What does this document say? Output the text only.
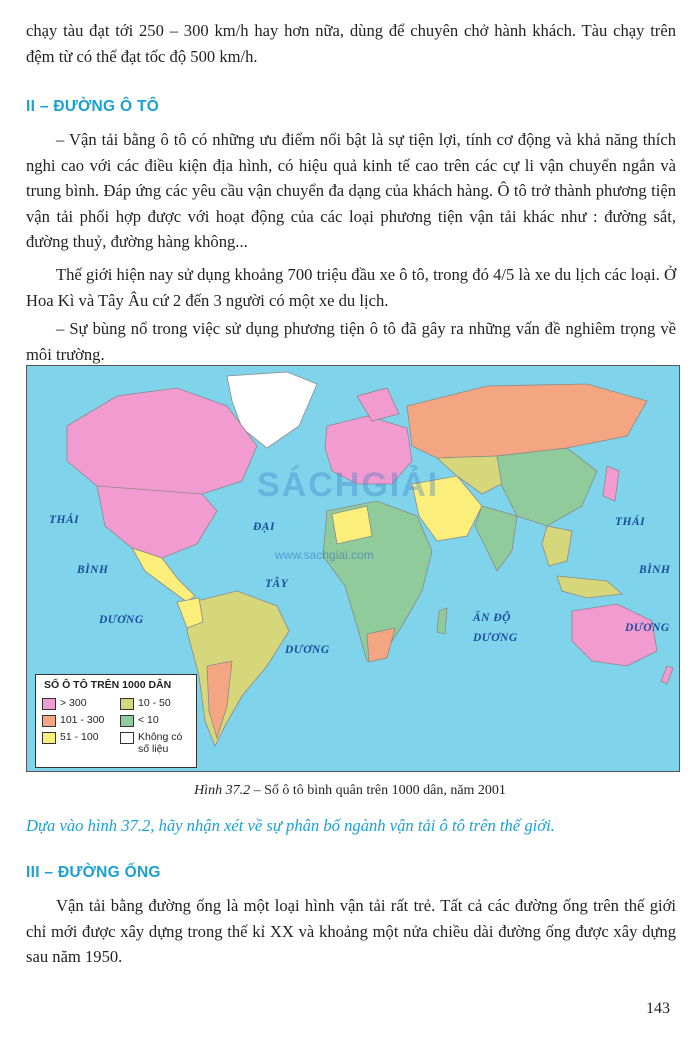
chạy tàu đạt tới 250 – 300 km/h hay hơn nữa, dùng để chuyên chở hành khách. Tàu chạy trên đệm từ có thể đạt tốc độ 500 km/h.

II – ĐƯỜNG Ô TÔ

– Vận tải bằng ô tô có những ưu điểm nổi bật là sự tiện lợi, tính cơ động và khả năng thích nghi cao với các điều kiện địa hình, có hiệu quả kinh tế cao trên các cự li vận chuyển ngắn và trung bình. Đáp ứng các yêu cầu vận chuyển đa dạng của khách hàng. Ô tô trở thành phương tiện vận tải phối hợp được với hoạt động của các loại phương tiện vận tải khác như : đường sắt, đường thuỷ, đường hàng không...

Thế giới hiện nay sử dụng khoảng 700 triệu đầu xe ô tô, trong đó 4/5 là xe du lịch các loại. Ở Hoa Kì và Tây Âu cứ 2 đến 3 người có một xe du lịch.

– Sự bùng nổ trong việc sử dụng phương tiện ô tô đã gây ra những vấn đề nghiêm trọng về môi trường.

THÁI
BÌNH
DƯƠNG
ĐẠI
TÂY
DƯƠNG
ẤN ĐỘ
DƯƠNG
THÁI
BÌNH
DƯƠNG
SÁCHGIẢI
www.sachgiai.com
SỐ Ô TÔ TRÊN 1000 DÂN
> 300	10 - 50
101 - 300	< 10
51 - 100	Không có số liệu
Hình 37.2 – Số ô tô bình quân trên 1000 dân, năm 2001
Dựa vào hình 37.2, hãy nhận xét về sự phân bố ngành vận tải ô tô trên thế giới.
III – ĐƯỜNG ỐNG

Vận tải bằng đường ống là một loại hình vận tải rất trẻ. Tất cả các đường ống trên thế giới chỉ mới được xây dựng trong thế kỉ XX và khoảng một nửa chiều dài đường ống được xây dựng sau năm 1950.

143
